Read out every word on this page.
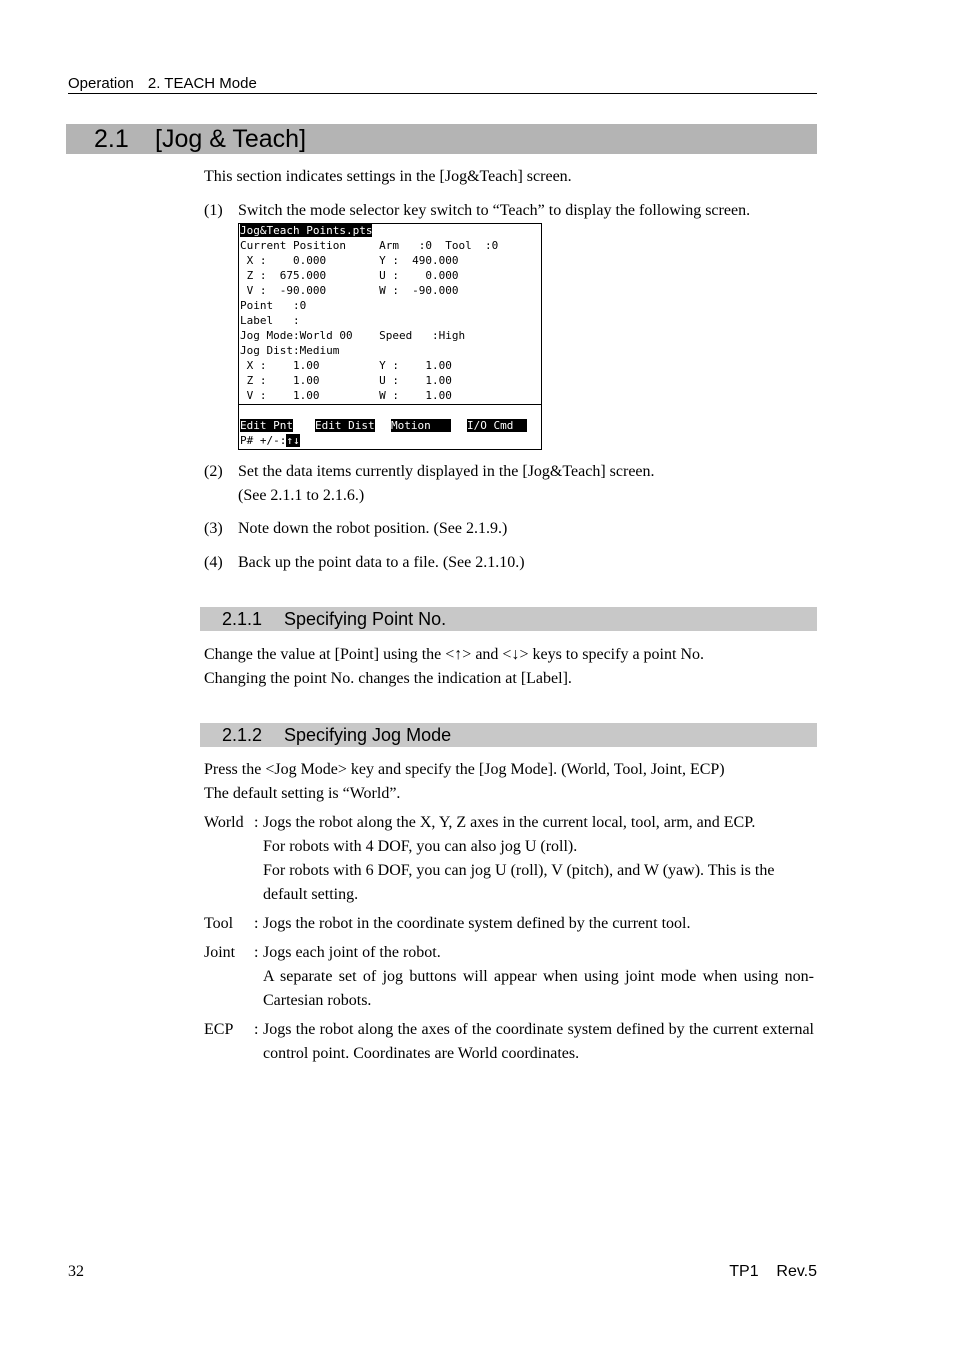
Operation 2. TEACH Mode
2.1 [Jog & Teach]
This section indicates settings in the [Jog&Teach] screen.
(1) Switch the mode selector key switch to “Teach” to display the following screen.
Jog&Teach Points.pts
Current Position     Arm   :0  Tool  :0
X :    0.000        Y :  490.000
Z :  675.000        U :    0.000
V :  -90.000        W :  -90.000
Point   :0
Label   :
Jog Mode:World 00    Speed   :High
Jog Dist:Medium
X :    1.00         Y :    1.00
Z :    1.00         U :    1.00
V :    1.00         W :    1.00
Edit Pnt Edit Dist Motion I/O Cmd
P# +/-:↑↓
(2) Set the data items currently displayed in the [Jog&Teach] screen.
(See 2.1.1 to 2.1.6.)
(3) Note down the robot position. (See 2.1.9.)
(4) Back up the point data to a file. (See 2.1.10.)
2.1.1 Specifying Point No.
Change the value at [Point] using the <↑> and <↓> keys to specify a point No.
Changing the point No. changes the indication at [Label].
2.1.2 Specifying Jog Mode
Press the <Jog Mode> key and specify the [Jog Mode]. (World, Tool, Joint, ECP)
The default setting is “World”.
World : Jogs the robot along the X, Y, Z axes in the current local, tool, arm, and ECP.
For robots with 4 DOF, you can also jog U (roll).
For robots with 6 DOF, you can jog U (roll), V (pitch), and W (yaw). This is the default setting.
Tool : Jogs the robot in the coordinate system defined by the current tool.
Joint : Jogs each joint of the robot.
A separate set of jog buttons will appear when using joint mode when using non-Cartesian robots.
ECP : Jogs the robot along the axes of the coordinate system defined by the current external control point. Coordinates are World coordinates.
32	TP1    Rev.5
